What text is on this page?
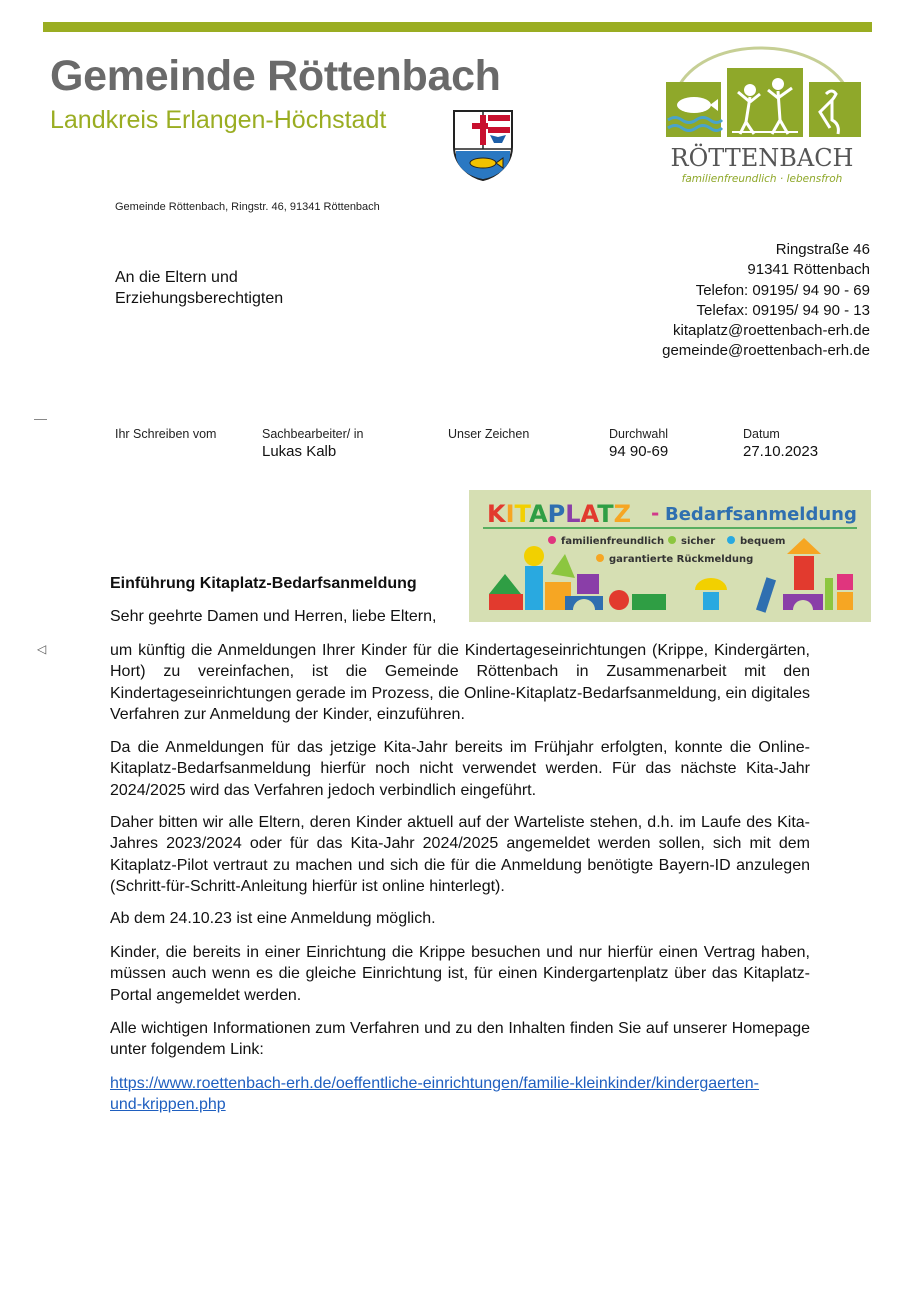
Gemeinde Röttenbach
Landkreis Erlangen-Höchstadt
RÖTTENBACH
familienfreundlich · lebensfroh
Gemeinde Röttenbach, Ringstr. 46, 91341 Röttenbach
An die Eltern und
Erziehungsberechtigten
Ringstraße 46
91341 Röttenbach
Telefon: 09195/ 94 90 - 69
Telefax: 09195/ 94 90 - 13
kitaplatz@roettenbach-erh.de
gemeinde@roettenbach-erh.de
◁
Ihr Schreiben vom	Sachbearbeiter/ in
Lukas Kalb
Unser Zeichen	Durchwahl
94 90-69
Datum
27.10.2023
KITAPLATZ - Bedarfsanmeldung
familienfreundlich sicher bequem
garantierte Rückmeldung
Einführung Kitaplatz-Bedarfsanmeldung
Sehr geehrte Damen und Herren, liebe Eltern,
um künftig die Anmeldungen Ihrer Kinder für die Kindertageseinrichtungen (Krippe, Kindergärten, Hort) zu vereinfachen, ist die Gemeinde Röttenbach in Zusammenarbeit mit den Kindertageseinrichtungen gerade im Prozess, die Online-Kitaplatz-Bedarfsanmeldung, ein digitales Verfahren zur Anmeldung der Kinder, einzuführen.
Da die Anmeldungen für das jetzige Kita-Jahr bereits im Frühjahr erfolgten, konnte die Online-Kitaplatz-Bedarfsanmeldung hierfür noch nicht verwendet werden. Für das nächste Kita-Jahr 2024/2025 wird das Verfahren jedoch verbindlich eingeführt.
Daher bitten wir alle Eltern, deren Kinder aktuell auf der Warteliste stehen, d.h. im Laufe des Kita-Jahres 2023/2024 oder für das Kita-Jahr 2024/2025 angemeldet werden sollen, sich mit dem Kitaplatz-Pilot vertraut zu machen und sich die für die Anmeldung benötigte Bayern-ID anzulegen (Schritt-für-Schritt-Anleitung hierfür ist online hinterlegt).
Ab dem 24.10.23 ist eine Anmeldung möglich.
Kinder, die bereits in einer Einrichtung die Krippe besuchen und nur hierfür einen Vertrag haben, müssen auch wenn es die gleiche Einrichtung ist, für einen Kindergartenplatz über das Kitaplatz-Portal angemeldet werden.
Alle wichtigen Informationen zum Verfahren und zu den Inhalten finden Sie auf unserer Homepage unter folgendem Link:
https://www.roettenbach-erh.de/oeffentliche-einrichtungen/familie-kleinkinder/kindergaerten-
und-krippen.php
